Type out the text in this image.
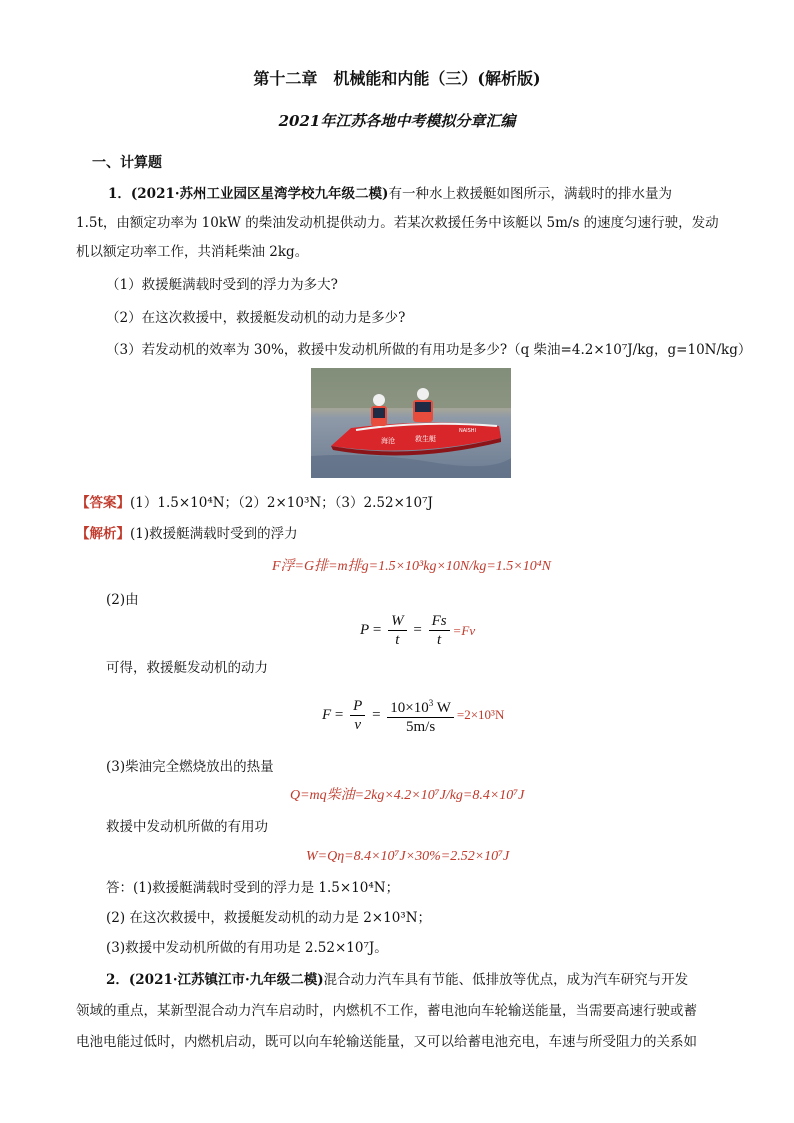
第十二章　机械能和内能（三）(解析版)
2021年江苏各地中考模拟分章汇编
一、计算题
1．(2021·苏州工业园区星湾学校九年级二模)有一种水上救援艇如图所示，满载时的排水量为
1.5t，由额定功率为 10kW 的柴油发动机提供动力。若某次救援任务中该艇以 5m/s 的速度匀速行驶，发动
机以额定功率工作，共消耗柴油 2kg。
（1）救援艇满载时受到的浮力为多大?
（2）在这次救援中，救援艇发动机的动力是多少?
（3）若发动机的效率为 30%，救援中发动机所做的有用功是多少?（q 柴油=4.2×10⁷J/kg，g=10N/kg）
海沧	救生艇
NAISHI
【答案】(1）1.5×10⁴N；（2）2×10³N；（3）2.52×10⁷J
【解析】(1)救援艇满载时受到的浮力
F浮=G排=m排g=1.5×10³kg×10N/kg=1.5×10⁴N
(2)由
$P = \frac{W}{t} = \frac{Fs}{t} =Fv$
可得，救援艇发动机的动力
$F = \frac{P}{v} = \frac{10\times 10^3 W}{5m/s} =2\times 10^3N$
(3)柴油完全燃烧放出的热量
Q=mq柴油=2kg×4.2×10⁷J/kg=8.4×10⁷J
救援中发动机所做的有用功
W=Qη=8.4×10⁷J×30%=2.52×10⁷J
答：(1)救援艇满载时受到的浮力是 1.5×10⁴N；
(2) 在这次救援中，救援艇发动机的动力是 2×10³N；
(3)救援中发动机所做的有用功是 2.52×10⁷J。
2．(2021·江苏镇江市·九年级二模)混合动力汽车具有节能、低排放等优点，成为汽车研究与开发
领域的重点，某新型混合动力汽车启动时，内燃机不工作，蓄电池向车轮输送能量，当需要高速行驶或蓄
电池电能过低时，内燃机启动，既可以向车轮输送能量，又可以给蓄电池充电，车速与所受阻力的关系如
